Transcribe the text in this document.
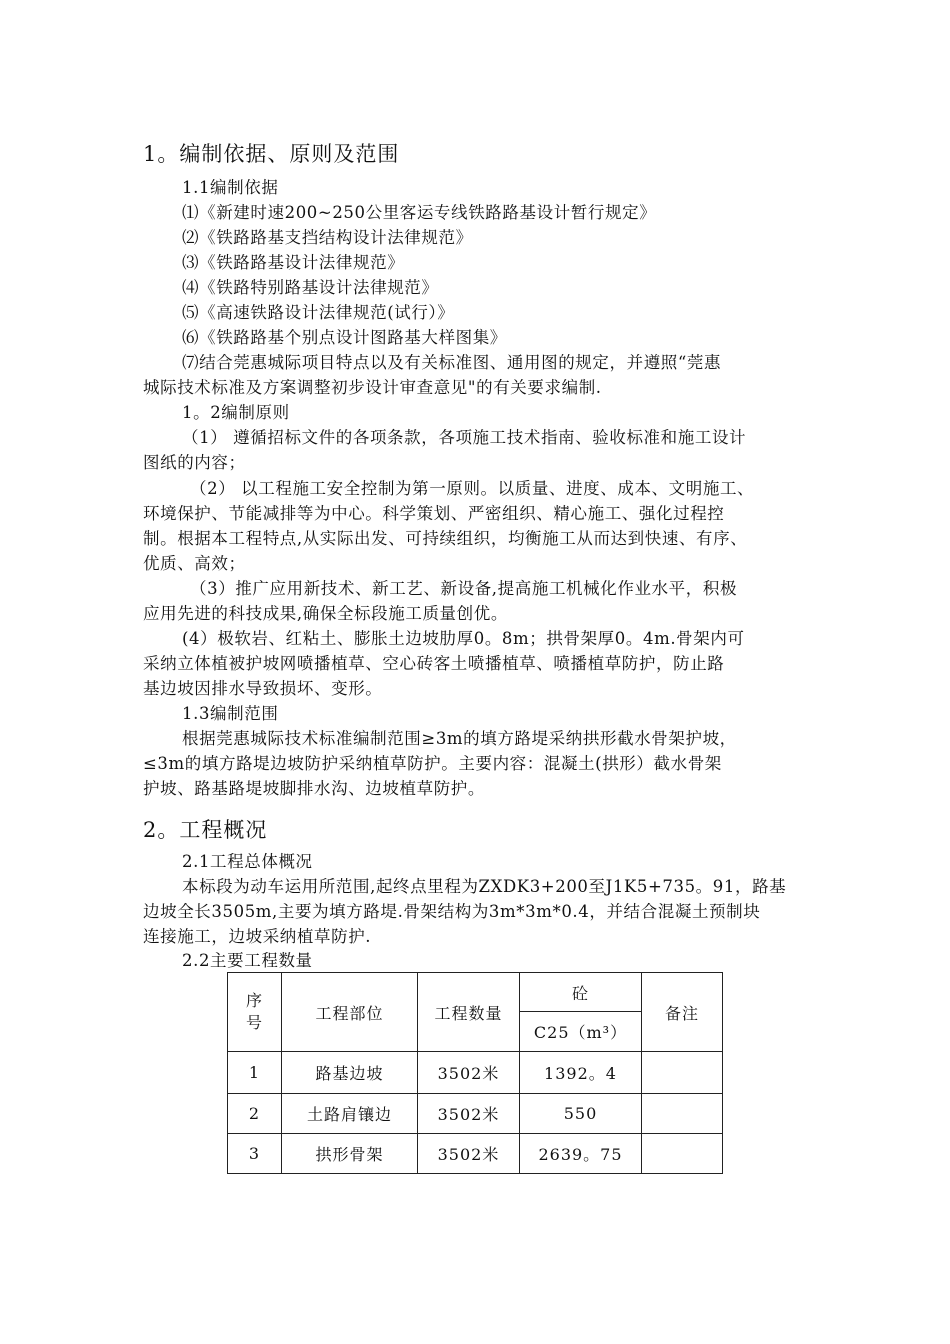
1。编制依据、原则及范围
1.1编制依据
⑴《新建时速200~250公里客运专线铁路路基设计暂行规定》
⑵《铁路路基支挡结构设计法律规范》
⑶《铁路路基设计法律规范》
⑷《铁路特别路基设计法律规范》
⑸《高速铁路设计法律规范(试行）》
⑹《铁路路基个别点设计图路基大样图集》
⑺结合莞惠城际项目特点以及有关标准图、通用图的规定，并遵照“莞惠
城际技术标准及方案调整初步设计审查意见"的有关要求编制.
1。2编制原则
（1） 遵循招标文件的各项条款，各项施工技术指南、验收标准和施工设计
图纸的内容；
（2） 以工程施工安全控制为第一原则。以质量、进度、成本、文明施工、
环境保护、节能减排等为中心。科学策划、严密组织、精心施工、强化过程控
制。根据本工程特点,从实际出发、可持续组织，均衡施工从而达到快速、有序、
优质、高效；
（3）推广应用新技术、新工艺、新设备,提高施工机械化作业水平，积极
应用先进的科技成果,确保全标段施工质量创优。
(4）极软岩、红粘土、膨胀土边坡肋厚0。8m；拱骨架厚0。4m.骨架内可
采纳立体植被护坡网喷播植草、空心砖客土喷播植草、喷播植草防护，防止路
基边坡因排水导致损坏、变形。
1.3编制范围
根据莞惠城际技术标准编制范围≥3m的填方路堤采纳拱形截水骨架护坡，
≤3m的填方路堤边坡防护采纳植草防护。主要内容：混凝土(拱形）截水骨架
护坡、路基路堤坡脚排水沟、边坡植草防护。
2。工程概况
2.1工程总体概况
本标段为动车运用所范围,起终点里程为ZXDK3+200至J1K5+735。91，路基
边坡全长3505m,主要为填方路堤.骨架结构为3m*3m*0.4，并结合混凝土预制块
连接施工，边坡采纳植草防护.
2.2主要工程数量
序号	工程部位	工程数量	砼	备注
			C25（m³）	
1	路基边坡	3502米	1392。4	
2	土路肩镶边	3502米	550	
3	拱形骨架	3502米	2639。75	
